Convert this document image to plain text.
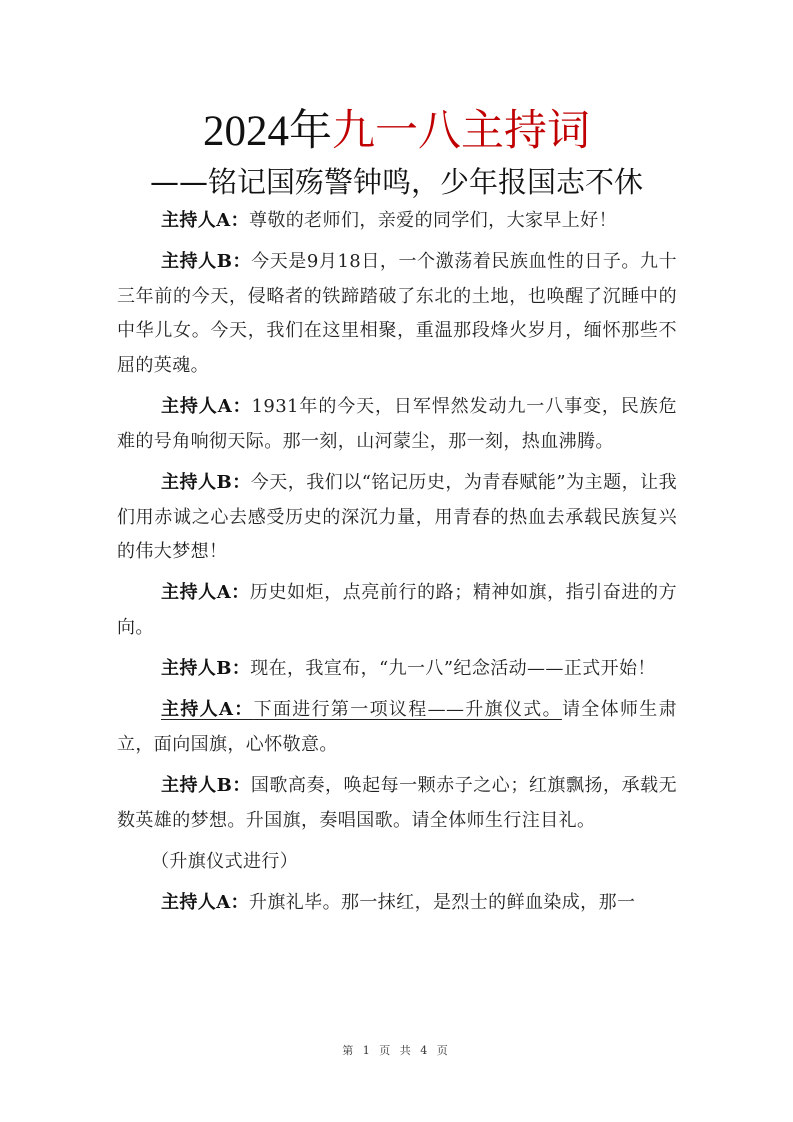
2024年九一八主持词
——铭记国殇警钟鸣，少年报国志不休

主持人A：尊敬的老师们，亲爱的同学们，大家早上好！

主持人B：今天是9月18日，一个激荡着民族血性的日子。九十三年前的今天，侵略者的铁蹄踏破了东北的土地，也唤醒了沉睡中的中华儿女。今天，我们在这里相聚，重温那段烽火岁月，缅怀那些不屈的英魂。

主持人A：1931年的今天，日军悍然发动九一八事变，民族危难的号角响彻天际。那一刻，山河蒙尘，那一刻，热血沸腾。

主持人B：今天，我们以“铭记历史，为青春赋能”为主题，让我们用赤诚之心去感受历史的深沉力量，用青春的热血去承载民族复兴的伟大梦想！

主持人A：历史如炬，点亮前行的路；精神如旗，指引奋进的方向。

主持人B：现在，我宣布，“九一八”纪念活动——正式开始！

主持人A：下面进行第一项议程——升旗仪式。请全体师生肃立，面向国旗，心怀敬意。

主持人B：国歌高奏，唤起每一颗赤子之心；红旗飘扬，承载无数英雄的梦想。升国旗，奏唱国歌。请全体师生行注目礼。

（升旗仪式进行）

主持人A：升旗礼毕。那一抹红，是烈士的鲜血染成，那一

第 1 页 共 4 页
